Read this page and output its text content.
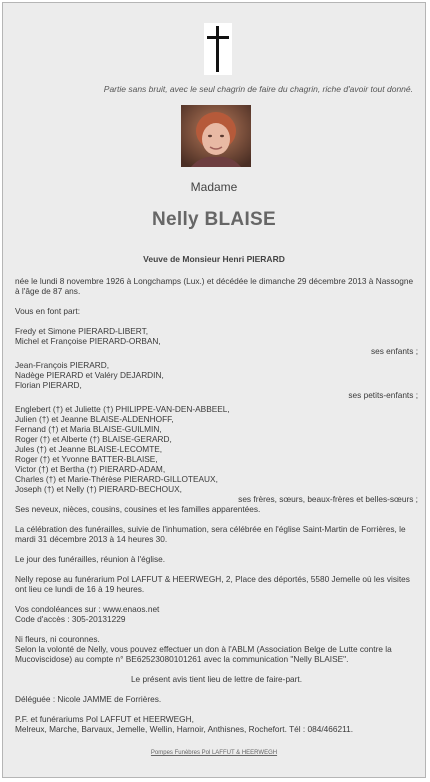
Partie sans bruit, avec le seul chagrin de faire du chagrin, riche d'avoir tout donné.
Madame
Nelly BLAISE
Veuve de Monsieur Henri PIERARD

née le lundi 8 novembre 1926 à Longchamps (Lux.) et décédée le dimanche 29 décembre 2013 à Nassogne à l'âge de 87 ans.

Vous en font part:

Fredy et Simone PIERARD-LIBERT,
Michel et Françoise PIERARD-ORBAN,
ses enfants ;
Jean-François PIERARD,
Nadège PIERARD et Valéry DEJARDIN,
Florian PIERARD,
ses petits-enfants ;
Englebert (†) et Juliette (†) PHILIPPE-VAN-DEN-ABBEEL,
Julien (†) et Jeanne BLAISE-ALDENHOFF,
Fernand (†) et Maria BLAISE-GUILMIN,
Roger (†) et Alberte (†) BLAISE-GERARD,
Jules (†) et Jeanne BLAISE-LECOMTE,
Roger (†) et Yvonne BATTER-BLAISE,
Victor (†) et Bertha (†) PIERARD-ADAM,
Charles (†) et Marie-Thérèse PIERARD-GILLOTEAUX,
Joseph (†) et Nelly (†) PIERARD-BECHOUX,
ses frères, sœurs, beaux-frères et belles-sœurs ;

Ses neveux, nièces, cousins, cousines et les familles apparentées.

La célébration des funérailles, suivie de l'inhumation, sera célébrée en l'église Saint-Martin de Forrières, le mardi 31 décembre 2013 à 14 heures 30.

Le jour des funérailles, réunion à l'église.

Nelly repose au funérarium Pol LAFFUT & HEERWEGH, 2, Place des déportés, 5580 Jemelle où les visites ont lieu ce lundi de 16 à 19 heures.

Vos condoléances sur : www.enaos.net
Code d'accès : 305-20131229

Ni fleurs, ni couronnes.
Selon la volonté de Nelly, vous pouvez effectuer un don à l'ABLM (Association Belge de Lutte contre la Mucoviscidose) au compte n° BE62523080101261 avec la communication "Nelly BLAISE".

Le présent avis tient lieu de lettre de faire-part.

Déléguée : Nicole JAMME de Forrières.

P.F. et funérariums Pol LAFFUT et HEERWEGH,
Melreux, Marche, Barvaux, Jemelle, Wellin, Harnoir, Anthisnes, Rochefort. Tél : 084/466211.

Pompes Funèbres Pol LAFFUT & HEERWEGH
